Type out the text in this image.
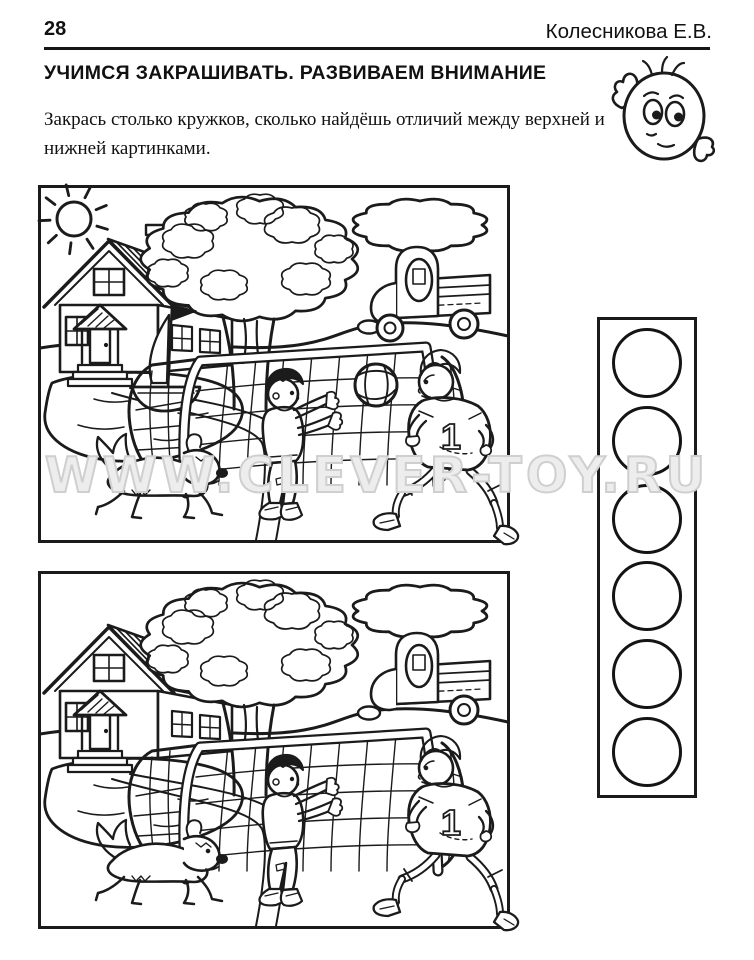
28	Колесникова Е.В.
УЧИМСЯ ЗАКРАШИВАТЬ. РАЗВИВАЕМ ВНИМАНИЕ
Закрась столько кружков, сколько найдёшь отличий между верхней и нижней картинками.
1
1
WWW.CLEVER-TOY.RU
